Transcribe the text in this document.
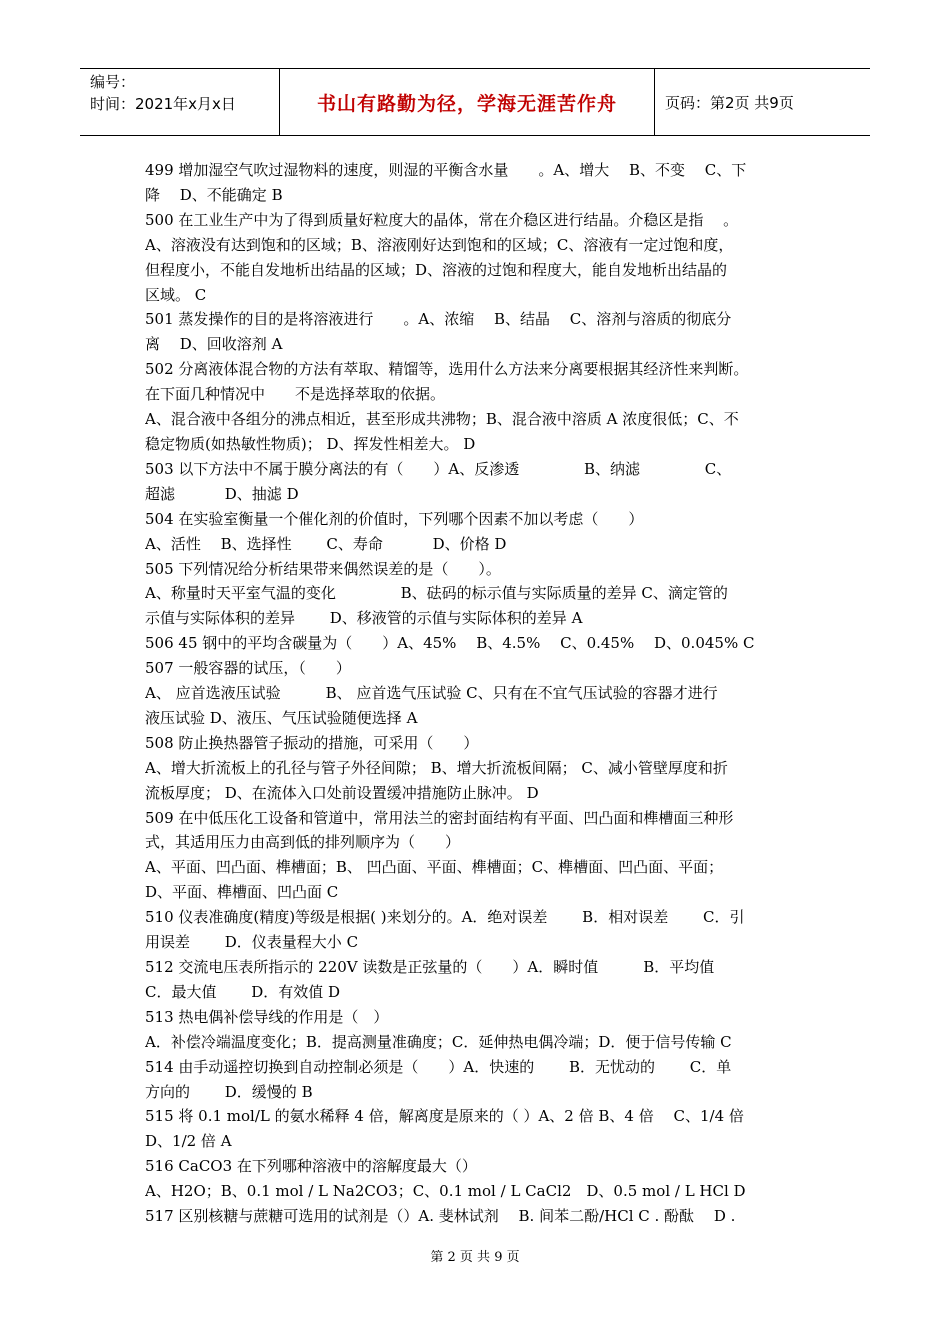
编号：
时间：2021年x月x日	书山有路勤为径，学海无涯苦作舟	页码：第2页 共9页

499 增加湿空气吹过湿物料的速度，则湿的平衡含水量　　。A、增大　 B、不变　 C、下

降　 D、不能确定 B

500 在工业生产中为了得到质量好粒度大的晶体，常在介稳区进行结晶。介稳区是指　 。

A、溶液没有达到饱和的区域；B、溶液刚好达到饱和的区域；C、溶液有一定过饱和度，

但程度小，不能自发地析出结晶的区域；D、溶液的过饱和程度大，能自发地析出结晶的

区域。 C

501 蒸发操作的目的是将溶液进行　　。A、浓缩　 B、结晶　 C、溶剂与溶质的彻底分

离　 D、回收溶剂 A

502 分离液体混合物的方法有萃取、精馏等，选用什么方法来分离要根据其经济性来判断。

在下面几种情况中　　不是选择萃取的依据。

A、混合液中各组分的沸点相近，甚至形成共沸物；B、混合液中溶质 A 浓度很低；C、不

稳定物质(如热敏性物质)； D、挥发性相差大。 D

503 以下方法中不属于膜分离法的有（　　）A、反渗透　　　　 B、纳滤　　　　 C、

超滤　　　 D、抽滤 D

504 在实验室衡量一个催化剂的价值时，下列哪个因素不加以考虑（　　）

A、活性　 B、选择性　　 C、寿命　　　 D、价格 D

505 下列情况给分析结果带来偶然误差的是（　　）。

A、称量时天平室气温的变化　　　　 B、砝码的标示值与实际质量的差异 C、滴定管的

示值与实际体积的差异　　 D、移液管的示值与实际体积的差异 A

506 45 钢中的平均含碳量为（　　）A、45%　 B、4.5%　 C、0.45%　 D、0.045% C

507 一般容器的试压，（　　）

A、 应首选液压试验　　　B、 应首选气压试验 C、只有在不宜气压试验的容器才进行

液压试验 D、液压、气压试验随便选择 A

508 防止换热器管子振动的措施，可采用（　　）

A、增大折流板上的孔径与管子外径间隙； B、增大折流板间隔； C、减小管壁厚度和折

流板厚度； D、在流体入口处前设置缓冲措施防止脉冲。 D

509 在中低压化工设备和管道中，常用法兰的密封面结构有平面、凹凸面和榫槽面三种形

式，其适用压力由高到低的排列顺序为（　　）

A、平面、凹凸面、榫槽面；B、 凹凸面、平面、榫槽面；C、榫槽面、凹凸面、平面；

D、平面、榫槽面、凹凸面 C

510 仪表准确度(精度)等级是根据( )来划分的。A．绝对误差　　 B．相对误差　　 C．引

用误差　　 D．仪表量程大小 C

512 交流电压表所指示的 220V 读数是正弦量的（　　）A．瞬时值　　　B．平均值

C．最大值　　 D．有效值 D

513 热电偶补偿导线的作用是（　）

A．补偿冷端温度变化；B．提高测量准确度；C．延伸热电偶冷端；D．便于信号传输 C

514 由手动遥控切换到自动控制必须是（　　）A．快速的　　 B．无忧动的　　 C．单

方向的　　 D．缓慢的 B

515 将 0.1 mol/L 的氨水稀释 4 倍，解离度是原来的（ ）A、2 倍 B、4 倍　 C、1/4 倍

D、1/2 倍 A

516 CaCO3 在下列哪种溶液中的溶解度最大（）

A、H2O；B、0.1 mol / L Na2CO3；C、0.1 mol / L CaCl2　D、0.5 mol / L HCl D

517 区别核糖与蔗糖可选用的试剂是（）A. 斐林试剂　 B. 间苯二酚/HCl C . 酚酞　 D .

第 2 页 共 9 页
